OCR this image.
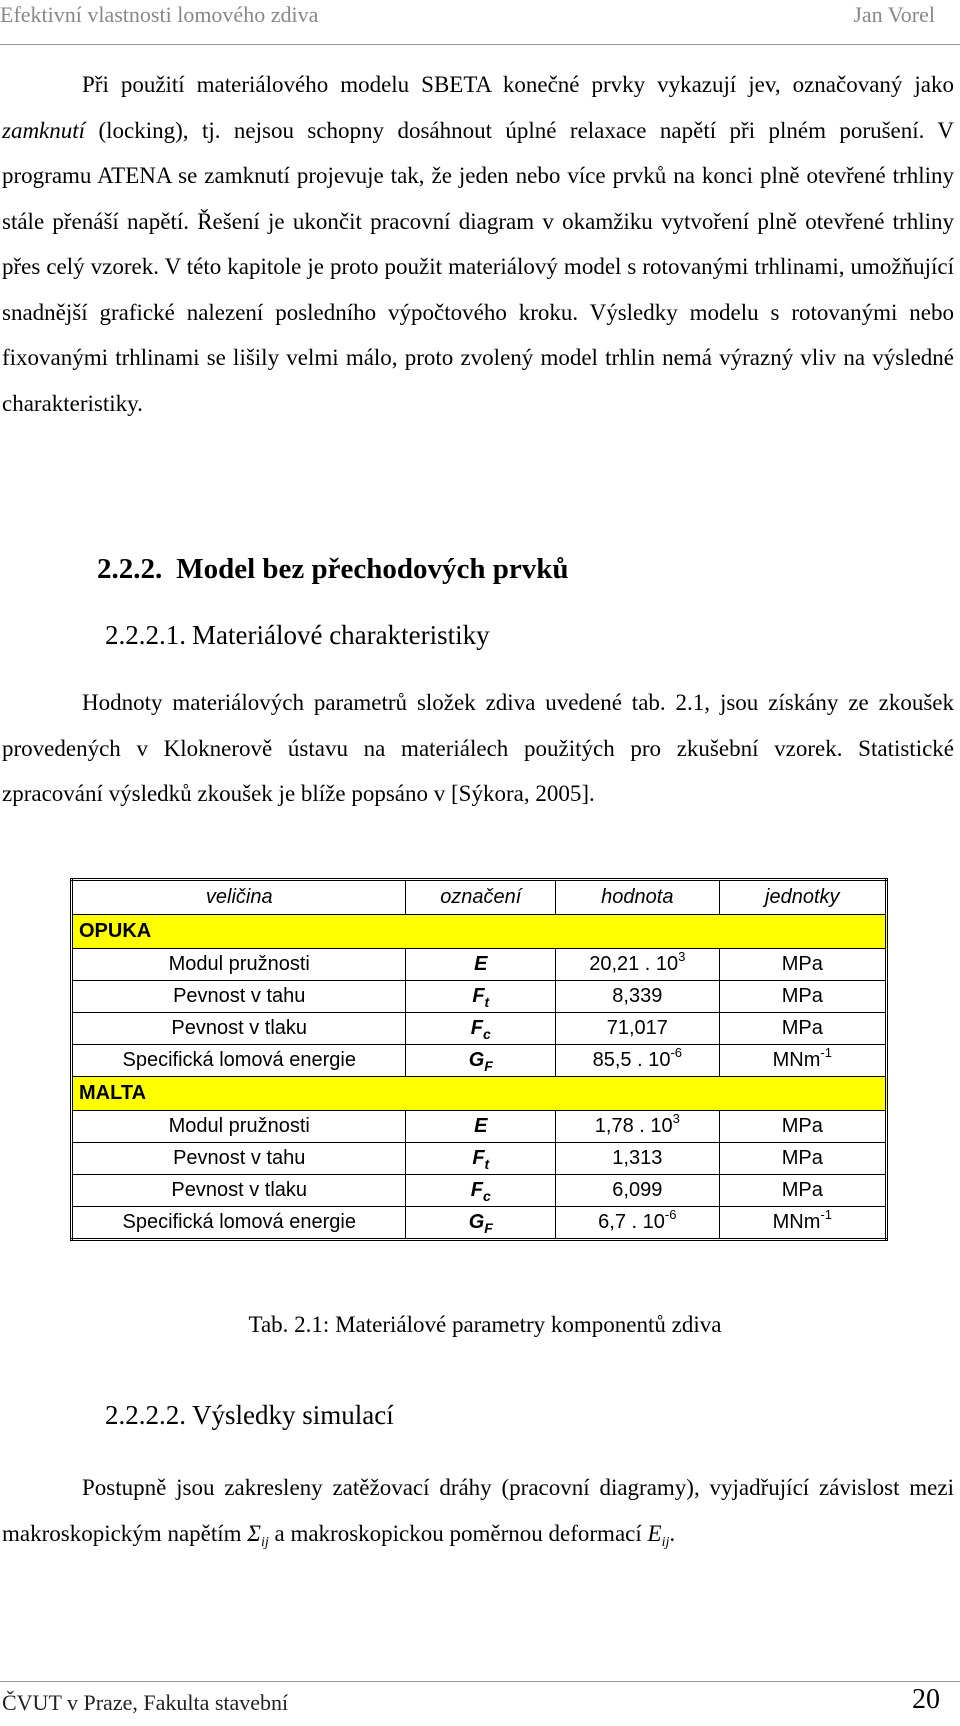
Efektivní vlastnosti lomového zdiva	Jan Vorel

Při použití materiálového modelu SBETA konečné prvky vykazují jev, označovaný jako zamknutí (locking), tj. nejsou schopny dosáhnout úplné relaxace napětí při plném porušení. V programu ATENA se zamknutí projevuje tak, že jeden nebo více prvků na konci plně otevřené trhliny stále přenáší napětí. Řešení je ukončit pracovní diagram v okamžiku vytvoření plně otevřené trhliny přes celý vzorek. V této kapitole je proto použit materiálový model s rotovanými trhlinami, umožňující snadnější grafické nalezení posledního výpočtového kroku. Výsledky modelu s rotovanými nebo fixovanými trhlinami se lišily velmi málo, proto zvolený model trhlin nemá výrazný vliv na výsledné charakteristiky.

2.2.2. Model bez přechodových prvků
2.2.2.1. Materiálové charakteristiky

Hodnoty materiálových parametrů složek zdiva uvedené tab. 2.1, jsou získány ze zkoušek provedených v Kloknerově ústavu na materiálech použitých pro zkušební vzorek. Statistické zpracování výsledků zkoušek je blíže popsáno v [Sýkora, 2005].

veličina	označení	hodnota	jednotky
OPUKA			
Modul pružnosti	E	20,21 . $10^3$	MPa
Pevnost v tahu	$F_t$	8,339	MPa
Pevnost v tlaku	$F_c$	71,017	MPa
Specifická lomová energie	$G_F$	85,5 . $10^{-6}$	MNm$^{-1}$
MALTA			
Modul pružnosti	E	1,78 . $10^3$	MPa
Pevnost v tahu	$F_t$	1,313	MPa
Pevnost v tlaku	$F_c$	6,099	MPa
Specifická lomová energie	$G_F$	6,7 . $10^{-6}$	MNm$^{-1}$
Tab. 2.1: Materiálové parametry komponentů zdiva
2.2.2.2. Výsledky simulací

Postupně jsou zakresleny zatěžovací dráhy (pracovní diagramy), vyjadřující závislost mezi makroskopickým napětím $\Sigma_{ij}$ a makroskopickou poměrnou deformací $E_{ij}$.

ČVUT v Praze, Fakulta stavební	20
